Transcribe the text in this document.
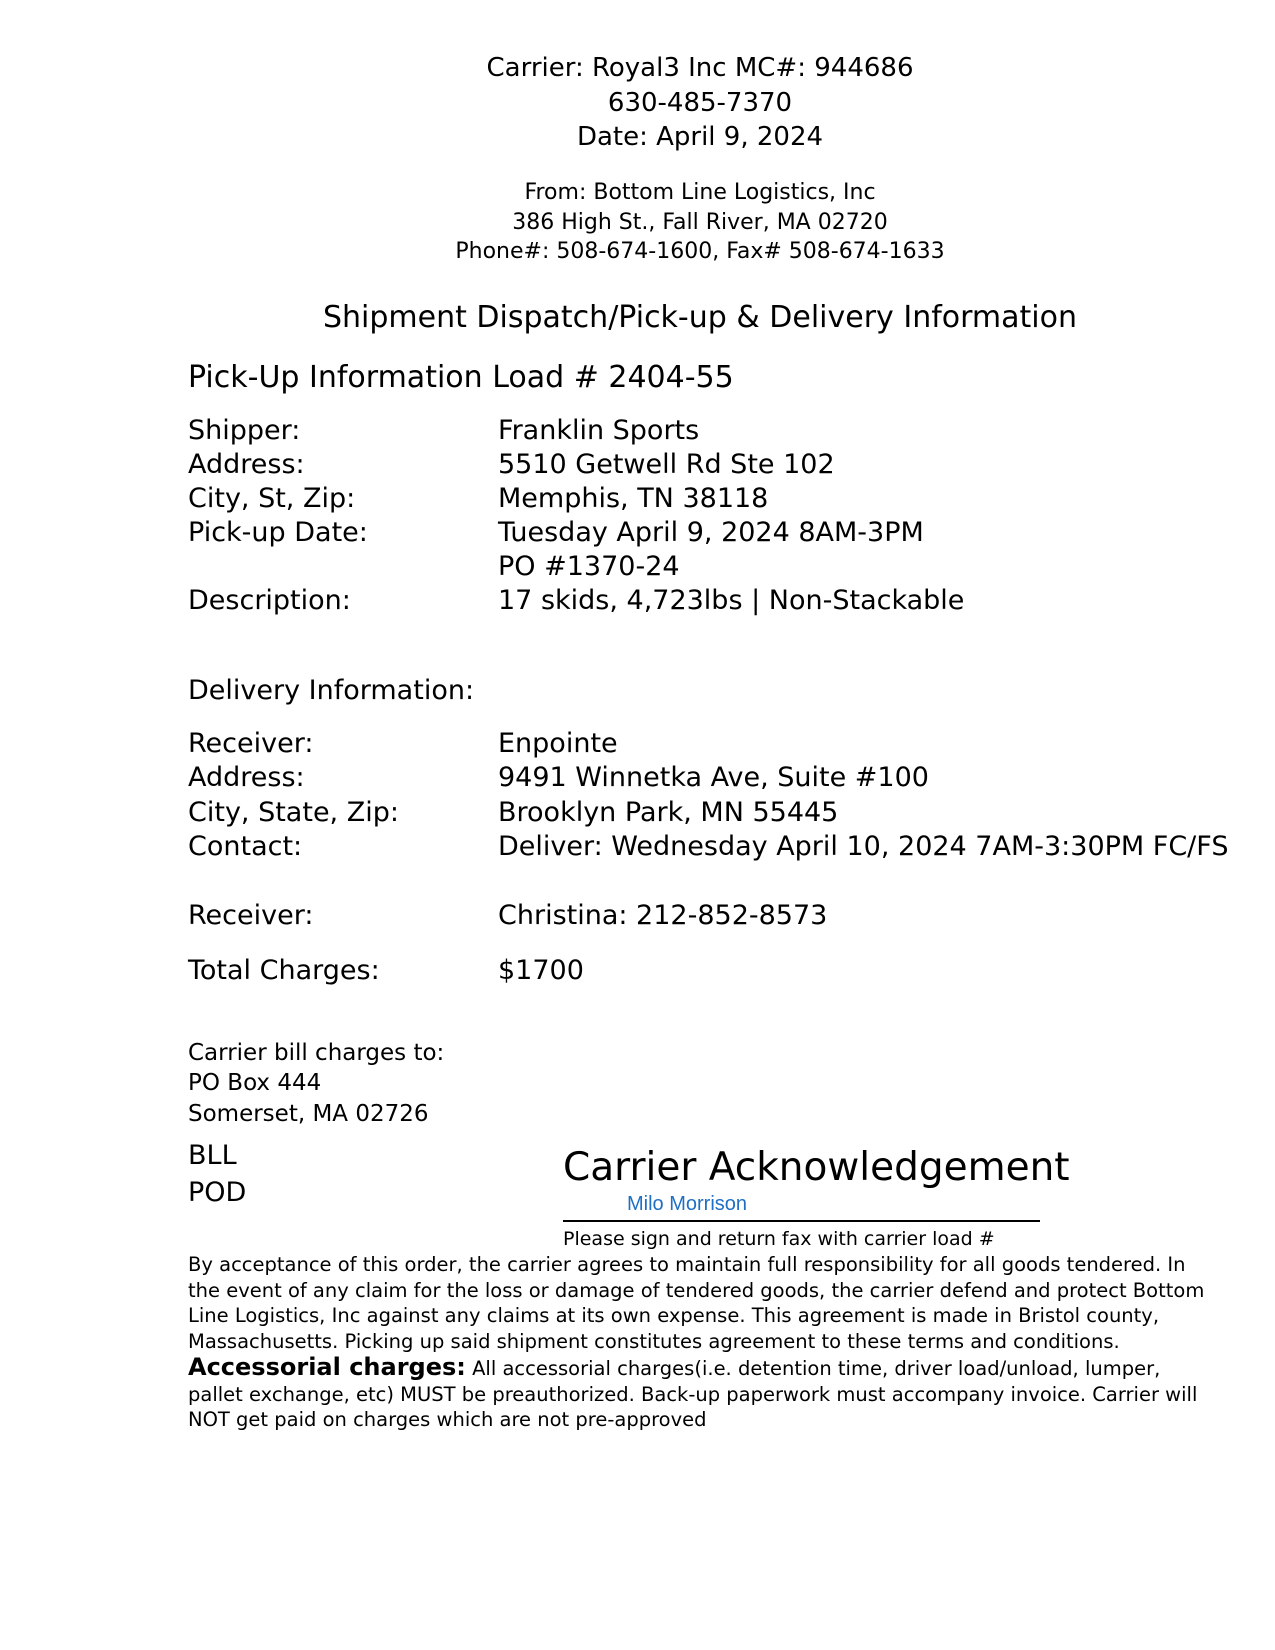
Carrier: Royal3 Inc MC#: 944686

630-485-7370

Date: April 9, 2024

From: Bottom Line Logistics, Inc

386 High St., Fall River, MA 02720

Phone#: 508-674-1600, Fax# 508-674-1633

Shipment Dispatch/Pick-up & Delivery Information

Pick-Up Information Load # 2404-55

Shipper:	Franklin Sports
Address:	5510 Getwell Rd Ste 102
City, St, Zip:	Memphis, TN 38118
Pick-up Date:	Tuesday April 9, 2024 8AM-3PM
PO #1370-24
Description:	17 skids, 4,723lbs | Non-Stackable

Delivery Information:

Receiver:	Enpointe
Address:	9491 Winnetka Ave, Suite #100
City, State, Zip:	Brooklyn Park, MN 55445
Contact:	Deliver: Wednesday April 10, 2024 7AM-3:30PM FC/FS
Receiver:	Christina: 212-852-8573
Total Charges:	$1700
Carrier bill charges to:
PO Box 444
Somerset, MA 02726
BLL
POD

Carrier Acknowledgement

Milo Morrison

Please sign and return fax with carrier load #

By acceptance of this order, the carrier agrees to maintain full responsibility for all goods tendered. In the event of any claim for the loss or damage of tendered goods, the carrier defend and protect Bottom Line Logistics, Inc against any claims at its own expense. This agreement is made in Bristol county, Massachusetts. Picking up said shipment constitutes agreement to these terms and conditions. Accessorial charges: All accessorial charges(i.e. detention time, driver load/unload, lumper, pallet exchange, etc) MUST be preauthorized. Back-up paperwork must accompany invoice. Carrier will NOT get paid on charges which are not pre-approved
